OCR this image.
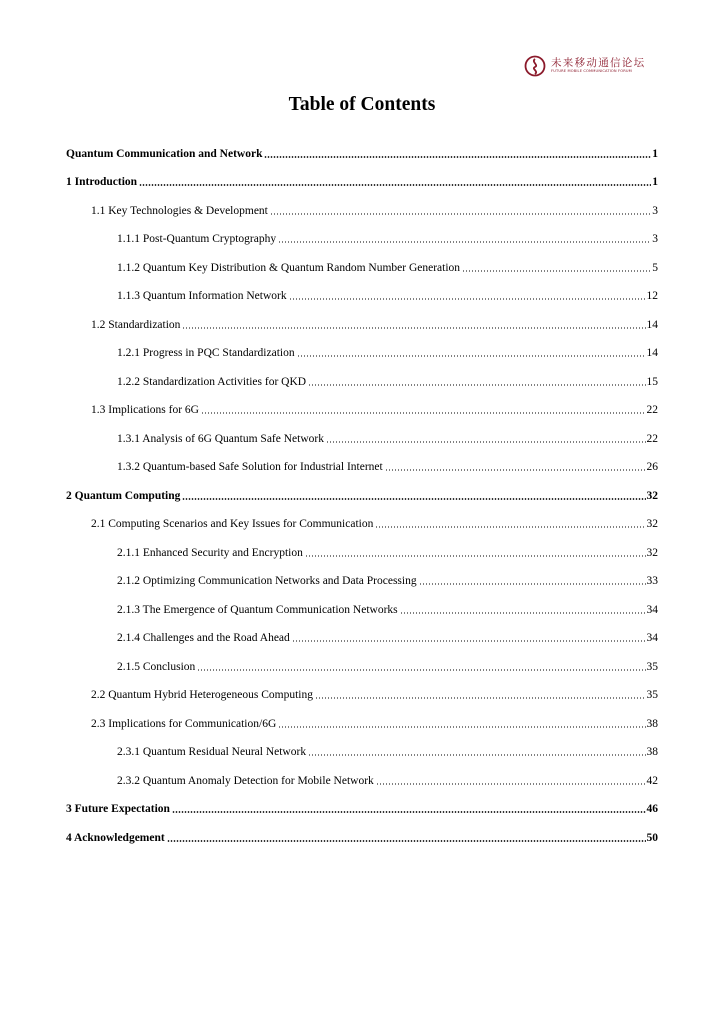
未来移动通信论坛
FUTURE MOBILE COMMUNICATION FORUM
Table of Contents
Quantum Communication and Network	1
1 Introduction	1
1.1 Key Technologies & Development	3
1.1.1 Post-Quantum Cryptography	3
1.1.2 Quantum Key Distribution & Quantum Random Number Generation	5
1.1.3 Quantum Information Network	12
1.2 Standardization	14
1.2.1 Progress in PQC Standardization	14
1.2.2 Standardization Activities for QKD	15
1.3 Implications for 6G	22
1.3.1 Analysis of 6G Quantum Safe Network	22
1.3.2 Quantum-based Safe Solution for Industrial Internet	26
2 Quantum Computing	32
2.1 Computing Scenarios and Key Issues for Communication	32
2.1.1 Enhanced Security and Encryption	32
2.1.2 Optimizing Communication Networks and Data Processing	33
2.1.3 The Emergence of Quantum Communication Networks	34
2.1.4 Challenges and the Road Ahead	34
2.1.5 Conclusion	35
2.2 Quantum Hybrid Heterogeneous Computing	35
2.3 Implications for Communication/6G	38
2.3.1 Quantum Residual Neural Network	38
2.3.2 Quantum Anomaly Detection for Mobile Network	42
3 Future Expectation	46
4 Acknowledgement	50
